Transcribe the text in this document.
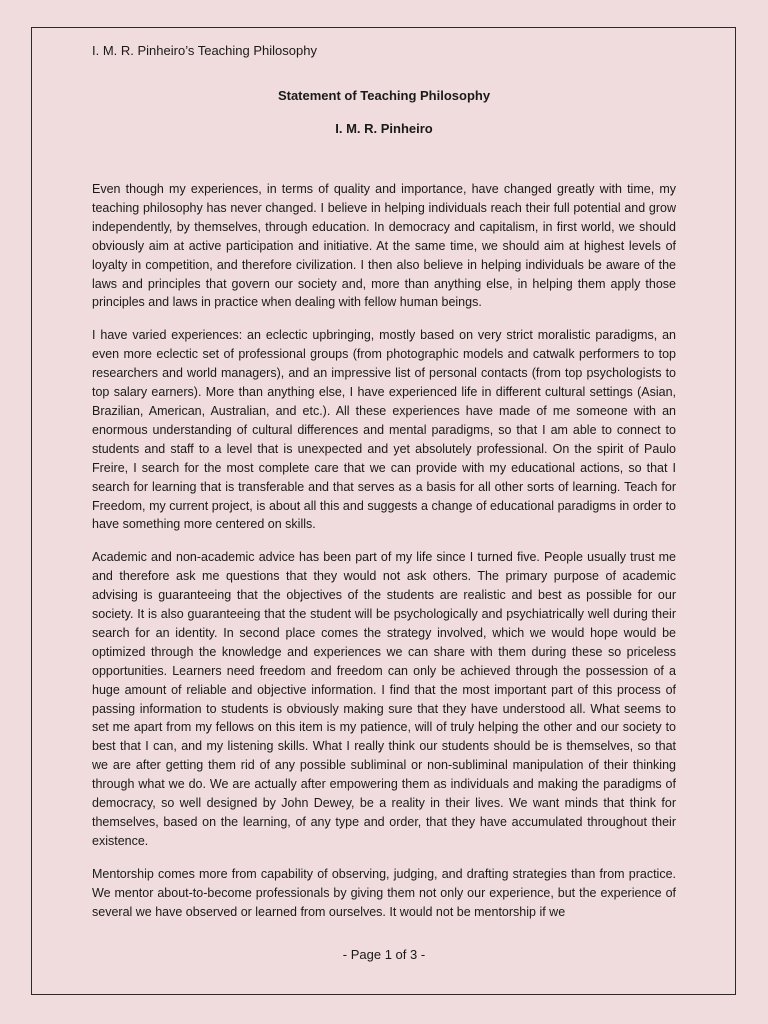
I. M. R. Pinheiro’s Teaching Philosophy
Statement of Teaching Philosophy
I. M. R. Pinheiro

Even though my experiences, in terms of quality and importance, have changed greatly with time, my teaching philosophy has never changed. I believe in helping individuals reach their full potential and grow independently, by themselves, through education. In democracy and capitalism, in first world, we should obviously aim at active participation and initiative. At the same time, we should aim at highest levels of loyalty in competition, and therefore civilization. I then also believe in helping individuals be aware of the laws and principles that govern our society and, more than anything else, in helping them apply those principles and laws in practice when dealing with fellow human beings.

I have varied experiences: an eclectic upbringing, mostly based on very strict moralistic paradigms, an even more eclectic set of professional groups (from photographic models and catwalk performers to top researchers and world managers), and an impressive list of personal contacts (from top psychologists to top salary earners). More than anything else, I have experienced life in different cultural settings (Asian, Brazilian, American, Australian, and etc.). All these experiences have made of me someone with an enormous understanding of cultural differences and mental paradigms, so that I am able to connect to students and staff to a level that is unexpected and yet absolutely professional. On the spirit of Paulo Freire, I search for the most complete care that we can provide with my educational actions, so that I search for learning that is transferable and that serves as a basis for all other sorts of learning. Teach for Freedom, my current project, is about all this and suggests a change of educational paradigms in order to have something more centered on skills.

Academic and non-academic advice has been part of my life since I turned five. People usually trust me and therefore ask me questions that they would not ask others. The primary purpose of academic advising is guaranteeing that the objectives of the students are realistic and best as possible for our society. It is also guaranteeing that the student will be psychologically and psychiatrically well during their search for an identity. In second place comes the strategy involved, which we would hope would be optimized through the knowledge and experiences we can share with them during these so priceless opportunities. Learners need freedom and freedom can only be achieved through the possession of a huge amount of reliable and objective information. I find that the most important part of this process of passing information to students is obviously making sure that they have understood all. What seems to set me apart from my fellows on this item is my patience, will of truly helping the other and our society to best that I can, and my listening skills. What I really think our students should be is themselves, so that we are after getting them rid of any possible subliminal or non-subliminal manipulation of their thinking through what we do. We are actually after empowering them as individuals and making the paradigms of democracy, so well designed by John Dewey, be a reality in their lives. We want minds that think for themselves, based on the learning, of any type and order, that they have accumulated throughout their existence.

Mentorship comes more from capability of observing, judging, and drafting strategies than from practice. We mentor about-to-become professionals by giving them not only our experience, but the experience of several we have observed or learned from ourselves. It would not be mentorship if we

- Page 1 of 3 -
